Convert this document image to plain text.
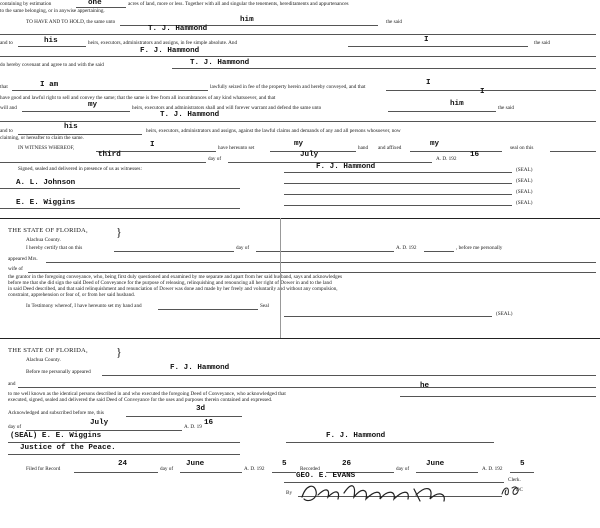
containing by estimation	one	acres of land, more or less. Together with all and singular the tenements, hereditaments and appurtenances
to the same belonging, or in anywise appertaining.
TO HAVE AND TO HOLD, the same unto	him	the said
T. J. Hammond
and to	his	heirs, executors, administrators and assigns, in fee simple absolute. And	I	the said
F. J. Hammond
do hereby covenant and agree to and with the said	T. J. Hammond
that	I am	lawfully seized in fee of the property herein and hereby conveyed, and that	I
have good and lawful right to sell and convey the same; that the same is free from all incumbrances of any kind whatsoever, and that
I
will and	my	heirs, executors and administrators shall and will forever warrant and defend the same unto	him	the said
T. J. Hammond
and to	his	heirs, executors, administrators and assigns, against the lawful claims and demands of any and all persons whosoever, now
claiming, or hereafter to claim the same.
IN WITNESS WHEREOF,	I	have hereunto set	my	hand and affixed	my	seal on this
third	day of	July	A. D. 192 16
Signed, sealed and delivered in presence of us as witnesses:
A. L. Johnson
E. E. Wiggins
F. J. Hammond	(SEAL)
(SEAL)
(SEAL)
(SEAL)
THE STATE OF FLORIDA, }
Alachua County.
I hereby certify that on this	day of	A. D. 192	, before me personally
appeared Mrs.
wife of
the grantor in the foregoing conveyance, who, being first duly questioned and examined by me separate and apart from her said husband, says and acknowledges
before me that she did sign the said Deed of Conveyance for the purpose of releasing, relinquishing and renouncing all her right of Dower in and to the land
in said Deed described, and that said relinquishment and renunciation of Dower was done and made by her freely and voluntarily and without any compulsion,
constraint, apprehension or fear of, or from her said husband.
In Testimony whereof, I have hereunto set my hand and	Seal
(SEAL)
THE STATE OF FLORIDA, }
Alachua County.
Before me personally appeared	F. J. Hammond
and
to me well known as the identical persons described in and who executed the foregoing Deed of Conveyance, who acknowledged that
he
executed, signed, sealed and delivered the said Deed of Conveyance for the uses and purposes therein contained and expressed.
Acknowledged and subscribed before me, this	3d
day of	July	A. D. 19 16
(SEAL) E. E. Wiggins
Justice of the Peace.
F. J. Hammond
Filed for Record
24
day of
June
A. D. 192
5
Recorded
26
day of
June
A. D. 192
5
GEO. E. EVANS	Clerk.
By	DC
